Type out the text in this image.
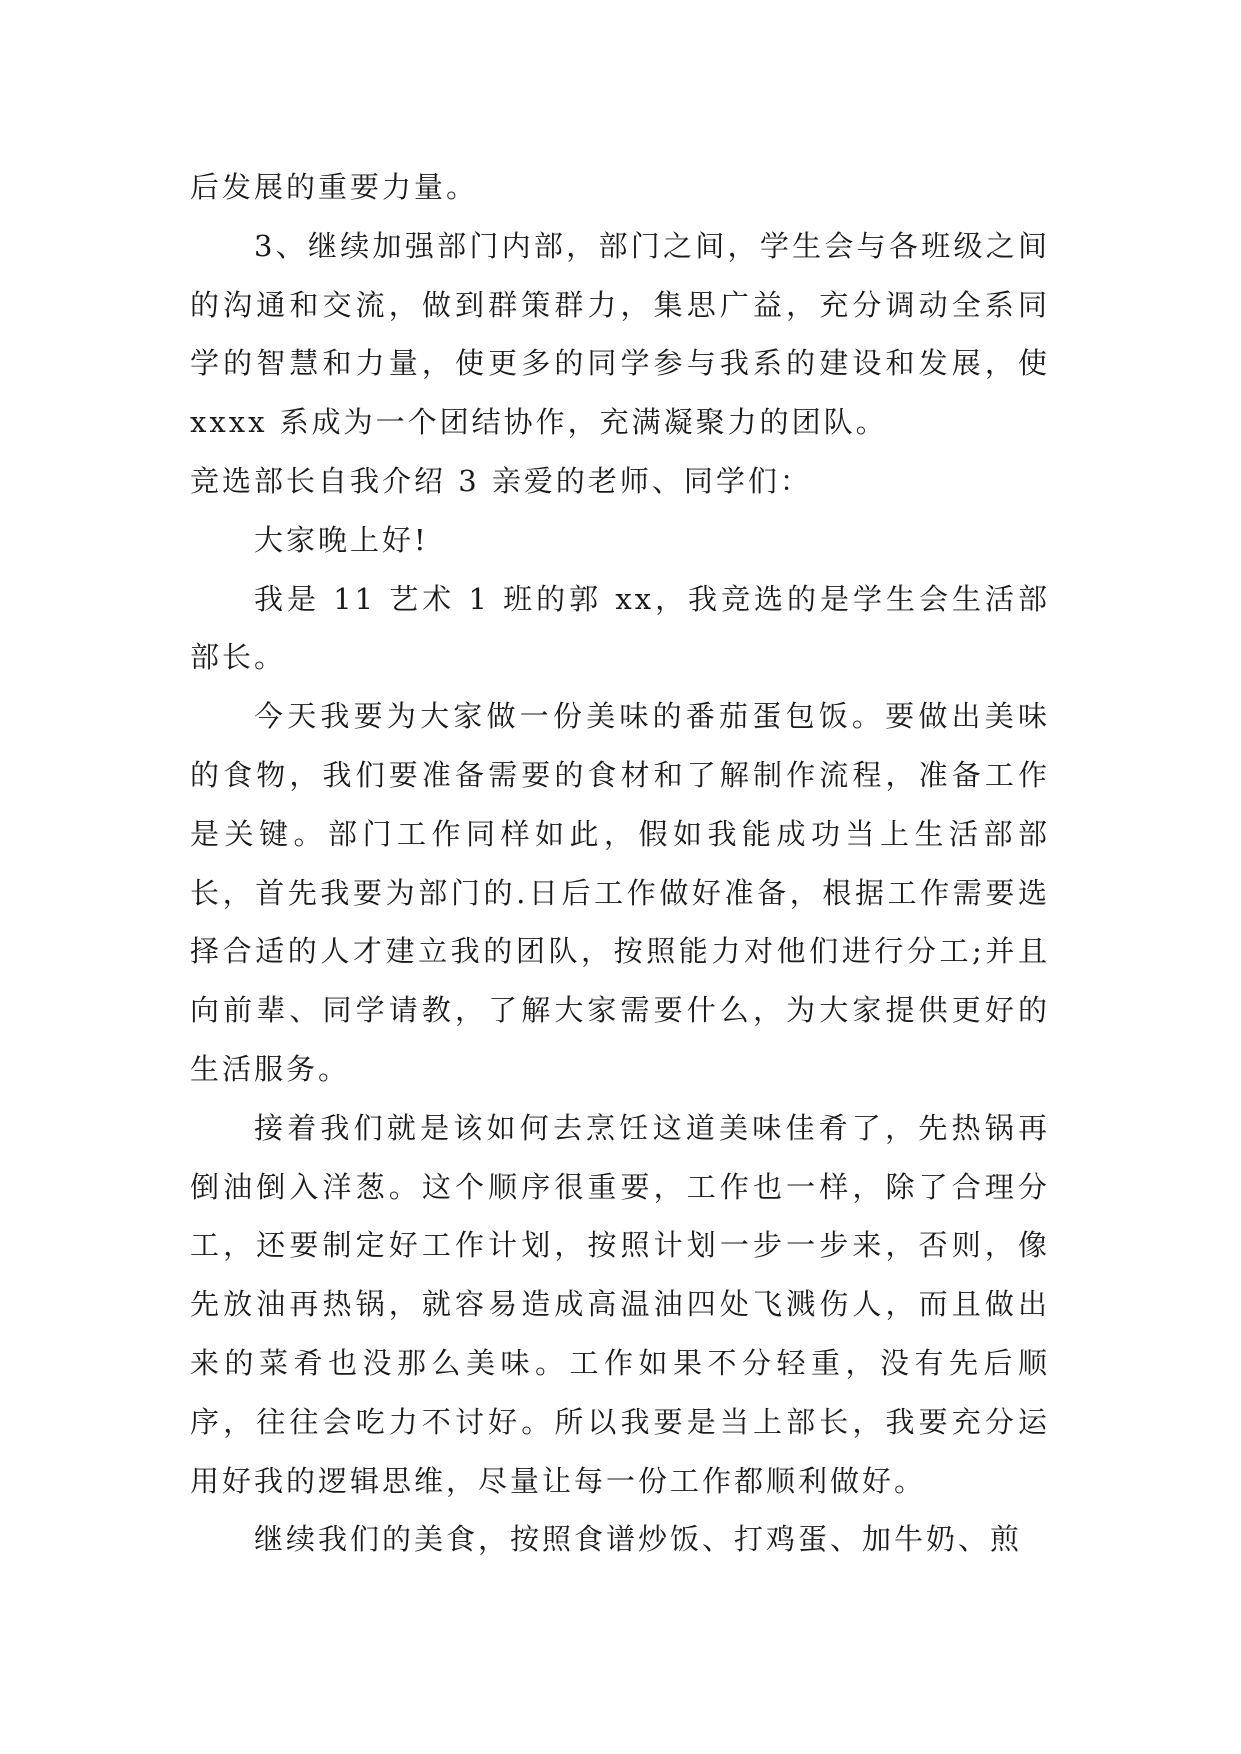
后发展的重要力量。

3、继续加强部门内部，部门之间，学生会与各班级之间的沟通和交流，做到群策群力，集思广益，充分调动全系同学的智慧和力量，使更多的同学参与我系的建设和发展，使 xxxx 系成为一个团结协作，充满凝聚力的团队。

竞选部长自我介绍 3 亲爱的老师、同学们：

大家晚上好!

我是 11 艺术 1 班的郭 xx，我竞选的是学生会生活部部长。

今天我要为大家做一份美味的番茄蛋包饭。要做出美味的食物，我们要准备需要的食材和了解制作流程，准备工作是关键。部门工作同样如此，假如我能成功当上生活部部长，首先我要为部门的.日后工作做好准备，根据工作需要选择合适的人才建立我的团队，按照能力对他们进行分工;并且向前辈、同学请教，了解大家需要什么，为大家提供更好的生活服务。

接着我们就是该如何去烹饪这道美味佳肴了，先热锅再倒油倒入洋葱。这个顺序很重要，工作也一样，除了合理分工，还要制定好工作计划，按照计划一步一步来，否则，像先放油再热锅，就容易造成高温油四处飞溅伤人，而且做出来的菜肴也没那么美味。工作如果不分轻重，没有先后顺序，往往会吃力不讨好。所以我要是当上部长，我要充分运用好我的逻辑思维，尽量让每一份工作都顺利做好。

继续我们的美食，按照食谱炒饭、打鸡蛋、加牛奶、煎
